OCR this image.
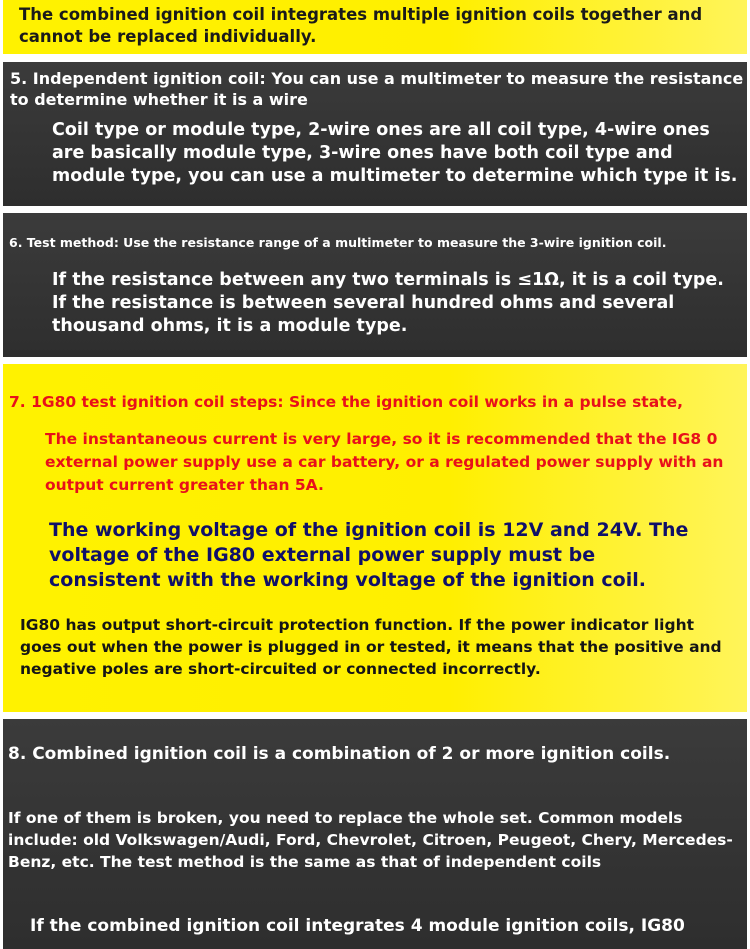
The combined ignition coil integrates multiple ignition coils together and cannot be replaced individually.

5. Independent ignition coil: You can use a multimeter to measure the resistance to determine whether it is a wire

Coil type or module type, 2-wire ones are all coil type, 4-wire ones are basically module type, 3-wire ones have both coil type and module type, you can use a multimeter to determine which type it is.

6. Test method: Use the resistance range of a multimeter to measure the 3-wire ignition coil.

If the resistance between any two terminals is ≤1Ω, it is a coil type. If the resistance is between several hundred ohms and several thousand ohms, it is a module type.

7. 1G80 test ignition coil steps: Since the ignition coil works in a pulse state,

The instantaneous current is very large, so it is recommended that the IG8 0 external power supply use a car battery, or a regulated power supply with an output current greater than 5A.

The working voltage of the ignition coil is 12V and 24V. The voltage of the IG80 external power supply must be consistent with the working voltage of the ignition coil.

IG80 has output short-circuit protection function. If the power indicator light goes out when the power is plugged in or tested, it means that the positive and negative poles are short-circuited or connected incorrectly.

8. Combined ignition coil is a combination of 2 or more ignition coils.

If one of them is broken, you need to replace the whole set. Common models include: old Volkswagen/Audi, Ford, Chevrolet, Citroen, Peugeot, Chery, Mercedes-Benz, etc. The test method is the same as that of independent coils

If the combined ignition coil integrates 4 module ignition coils, IG80
